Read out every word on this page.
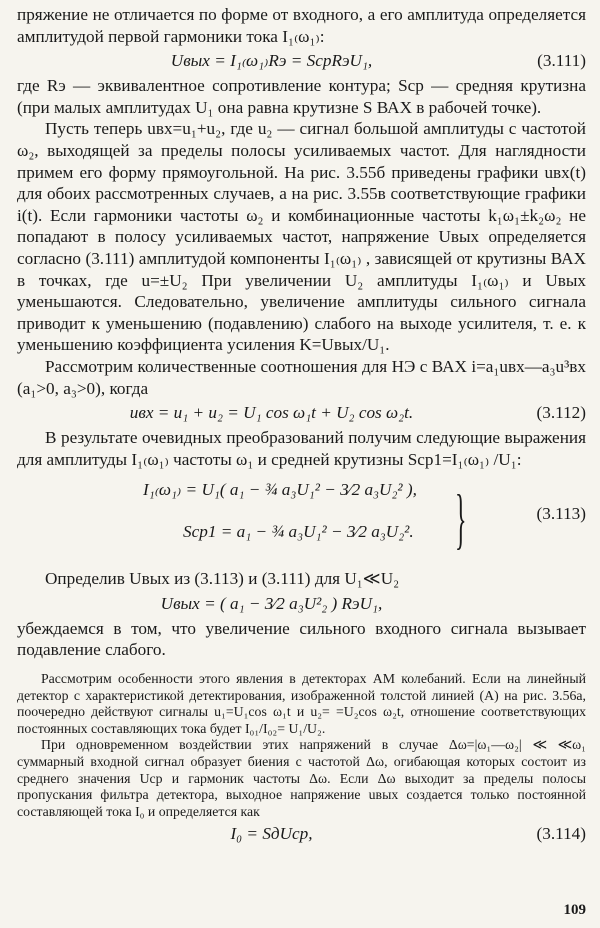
пряжение не отличается по форме от входного, а его амплитуда определяется амплитудой первой гармоники тока I₁₍ω₁₎:

Uвых = I₁₍ω₁₎Rэ = SсрRэU₁,	(3.111)

где Rэ — эквивалентное сопротивление контура; Sср — средняя крутизна (при малых амплитудах U₁ она равна крутизне S ВАХ в рабочей точке).

Пусть теперь uвх=u₁+u₂, где u₂ — сигнал большой амплитуды с частотой ω₂, выходящей за пределы полосы усиливаемых частот. Для наглядности примем его форму прямоугольной. На рис. 3.55б приведены графики uвх(t) для обоих рассмотренных случаев, а на рис. 3.55в соответствующие графики i(t). Если гармоники частоты ω₂ и комбинационные частоты k₁ω₁±k₂ω₂ не попадают в полосу усиливаемых частот, напряжение Uвых определяется согласно (3.111) амплитудой компоненты I₁₍ω₁₎ , зависящей от крутизны ВАХ в точках, где u=±U₂ При увеличении U₂ амплитуды I₁₍ω₁₎ и Uвых уменьшаются. Следовательно, увеличение амплитуды сильного сигнала приводит к уменьшению (подавлению) слабого на выходе усилителя, т. е. к уменьшению коэффициента усиления K=Uвых/U₁.

Рассмотрим количественные соотношения для НЭ с ВАХ i=a₁uвх—a₃u³вх (a₁>0, a₃>0), когда

uвх = u₁ + u₂ = U₁ cos ω₁t + U₂ cos ω₂t.	(3.112)

В результате очевидных преобразований получим следующие выражения для амплитуды I₁₍ω₁₎ частоты ω₁ и средней крутизны Sср1=I₁₍ω₁₎ /U₁:

I₁₍ω₁₎ = U₁( a₁ − ¾ a₃U₁² − 3⁄2 a₃U₂² ),
Sср1 = a₁ − ¾ a₃U₁² − 3⁄2 a₃U₂². }	(3.113)

Определив Uвых из (3.113) и (3.111) для U₁≪U₂

Uвых = ( a₁ − 3⁄2 a₃U²₂ ) RэU₁,

убеждаемся в том, что увеличение сильного входного сигнала вызывает подавление слабого.

Рассмотрим особенности этого явления в детекторах АМ колебаний. Если на линейный детектор с характеристикой детектирования, изображенной толстой линией (А) на рис. 3.56а, поочередно действуют сигналы u₁=U₁cos ω₁t и u₂= =U₂cos ω₂t, отношение соответствующих постоянных составляющих тока будет I₀₁/I₀₂= U₁/U₂.

При одновременном воздействии этих напряжений в случае Δω=|ω₁—ω₂| ≪ ≪ω₁ суммарный входной сигнал образует биения с частотой Δω, огибающая которых состоит из среднего значения Uср и гармоник частоты Δω. Если Δω выходит за пределы полосы пропускания фильтра детектора, выходное напряжение uвых создается только постоянной составляющей тока I₀ и определяется как

I₀ = SдUср,	(3.114)
109
